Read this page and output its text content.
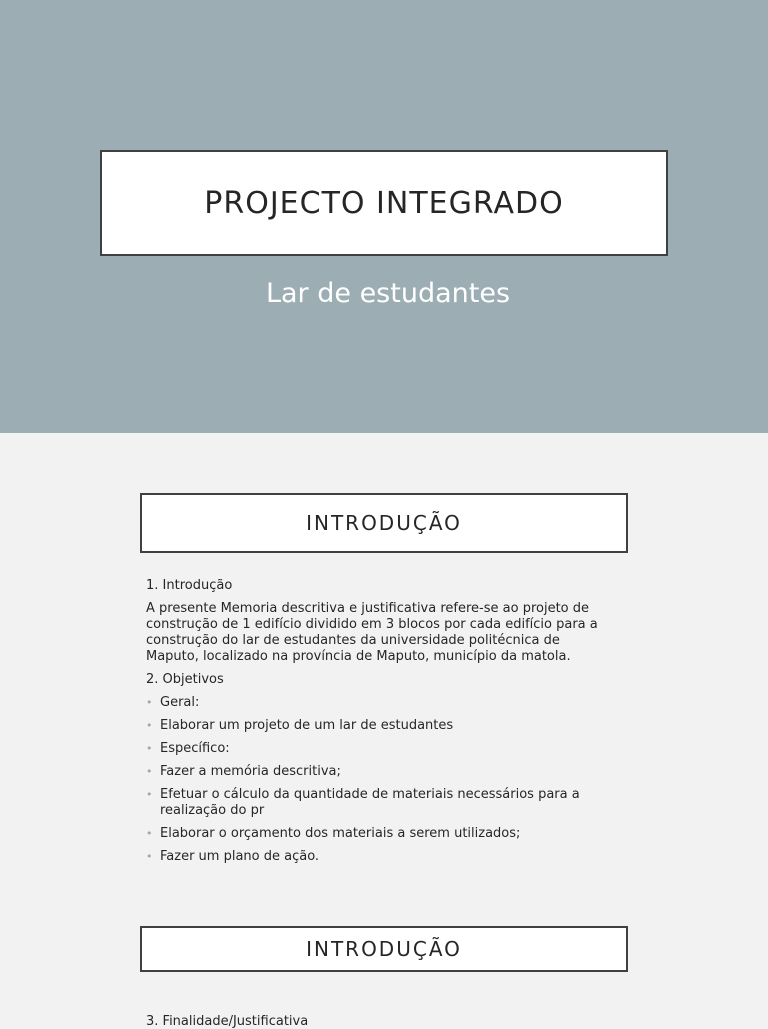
PROJECTO INTEGRADO
Lar de estudantes
INTRODUÇÃO

1. Introdução

A presente Memoria descritiva e justificativa refere-se ao projeto de construção de 1 edifício dividido em 3 blocos por cada edifício para a construção do lar de estudantes da universidade politécnica de Maputo, localizado na província de Maputo, município da matola.

2. Objetivos

• Geral:
• Elaborar um projeto de um lar de estudantes
• Específico:
• Fazer a memória descritiva;
• Efetuar o cálculo da quantidade de materiais necessários para a realização do pr
• Elaborar o orçamento dos materiais a serem utilizados;
• Fazer um plano de ação.
INTRODUÇÃO
3. Finalidade/Justificativa
